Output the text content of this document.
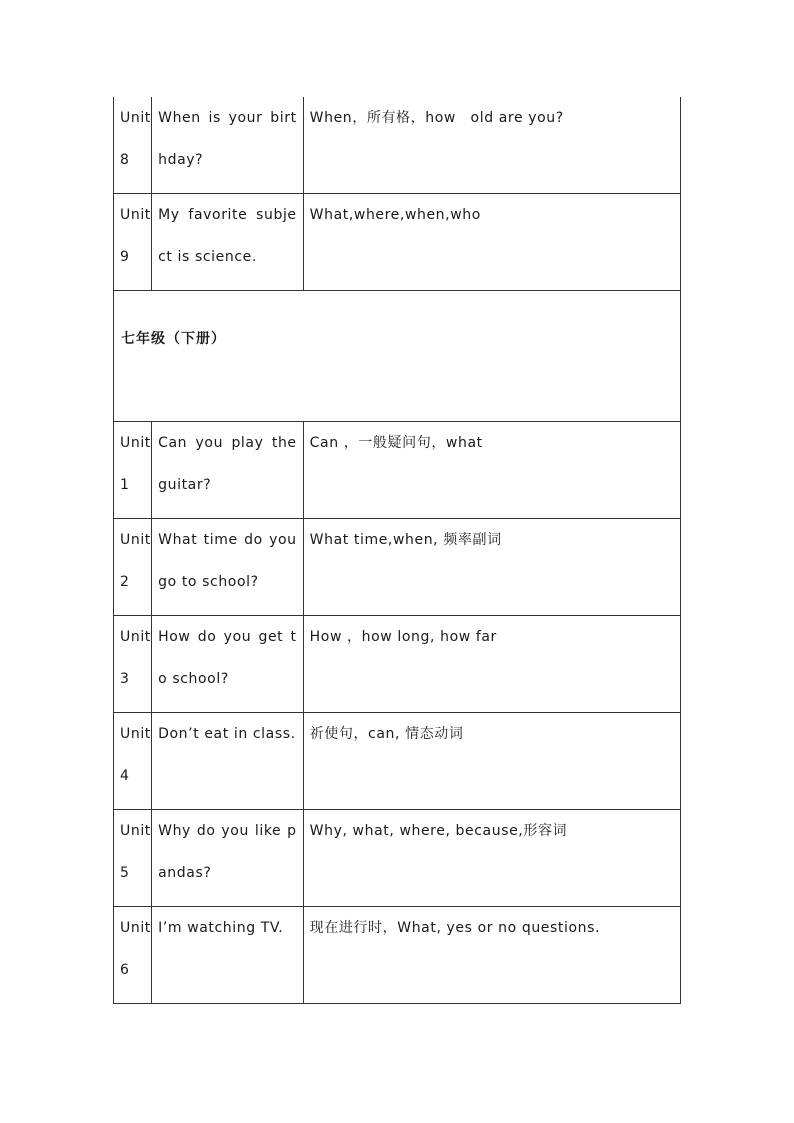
Unit 8	When is your birthday?	When，所有格，how　old are you?

Unit 9	My favorite subject is science.	What,where,when,who

七年级（下册）		

Unit 1	Can you play the guitar?	Can ，一般疑问句，what

Unit 2	What time do you go to school?	What time,when, 频率副词

Unit 3	How do you get to school?	How ，how long, how far

Unit 4	Don’t eat in class.	祈使句，can, 情态动词

Unit 5	Why do you like pandas?	Why, what, where, because,形容词

Unit 6	I’m watching TV.	现在进行时，What, yes or no questions.
